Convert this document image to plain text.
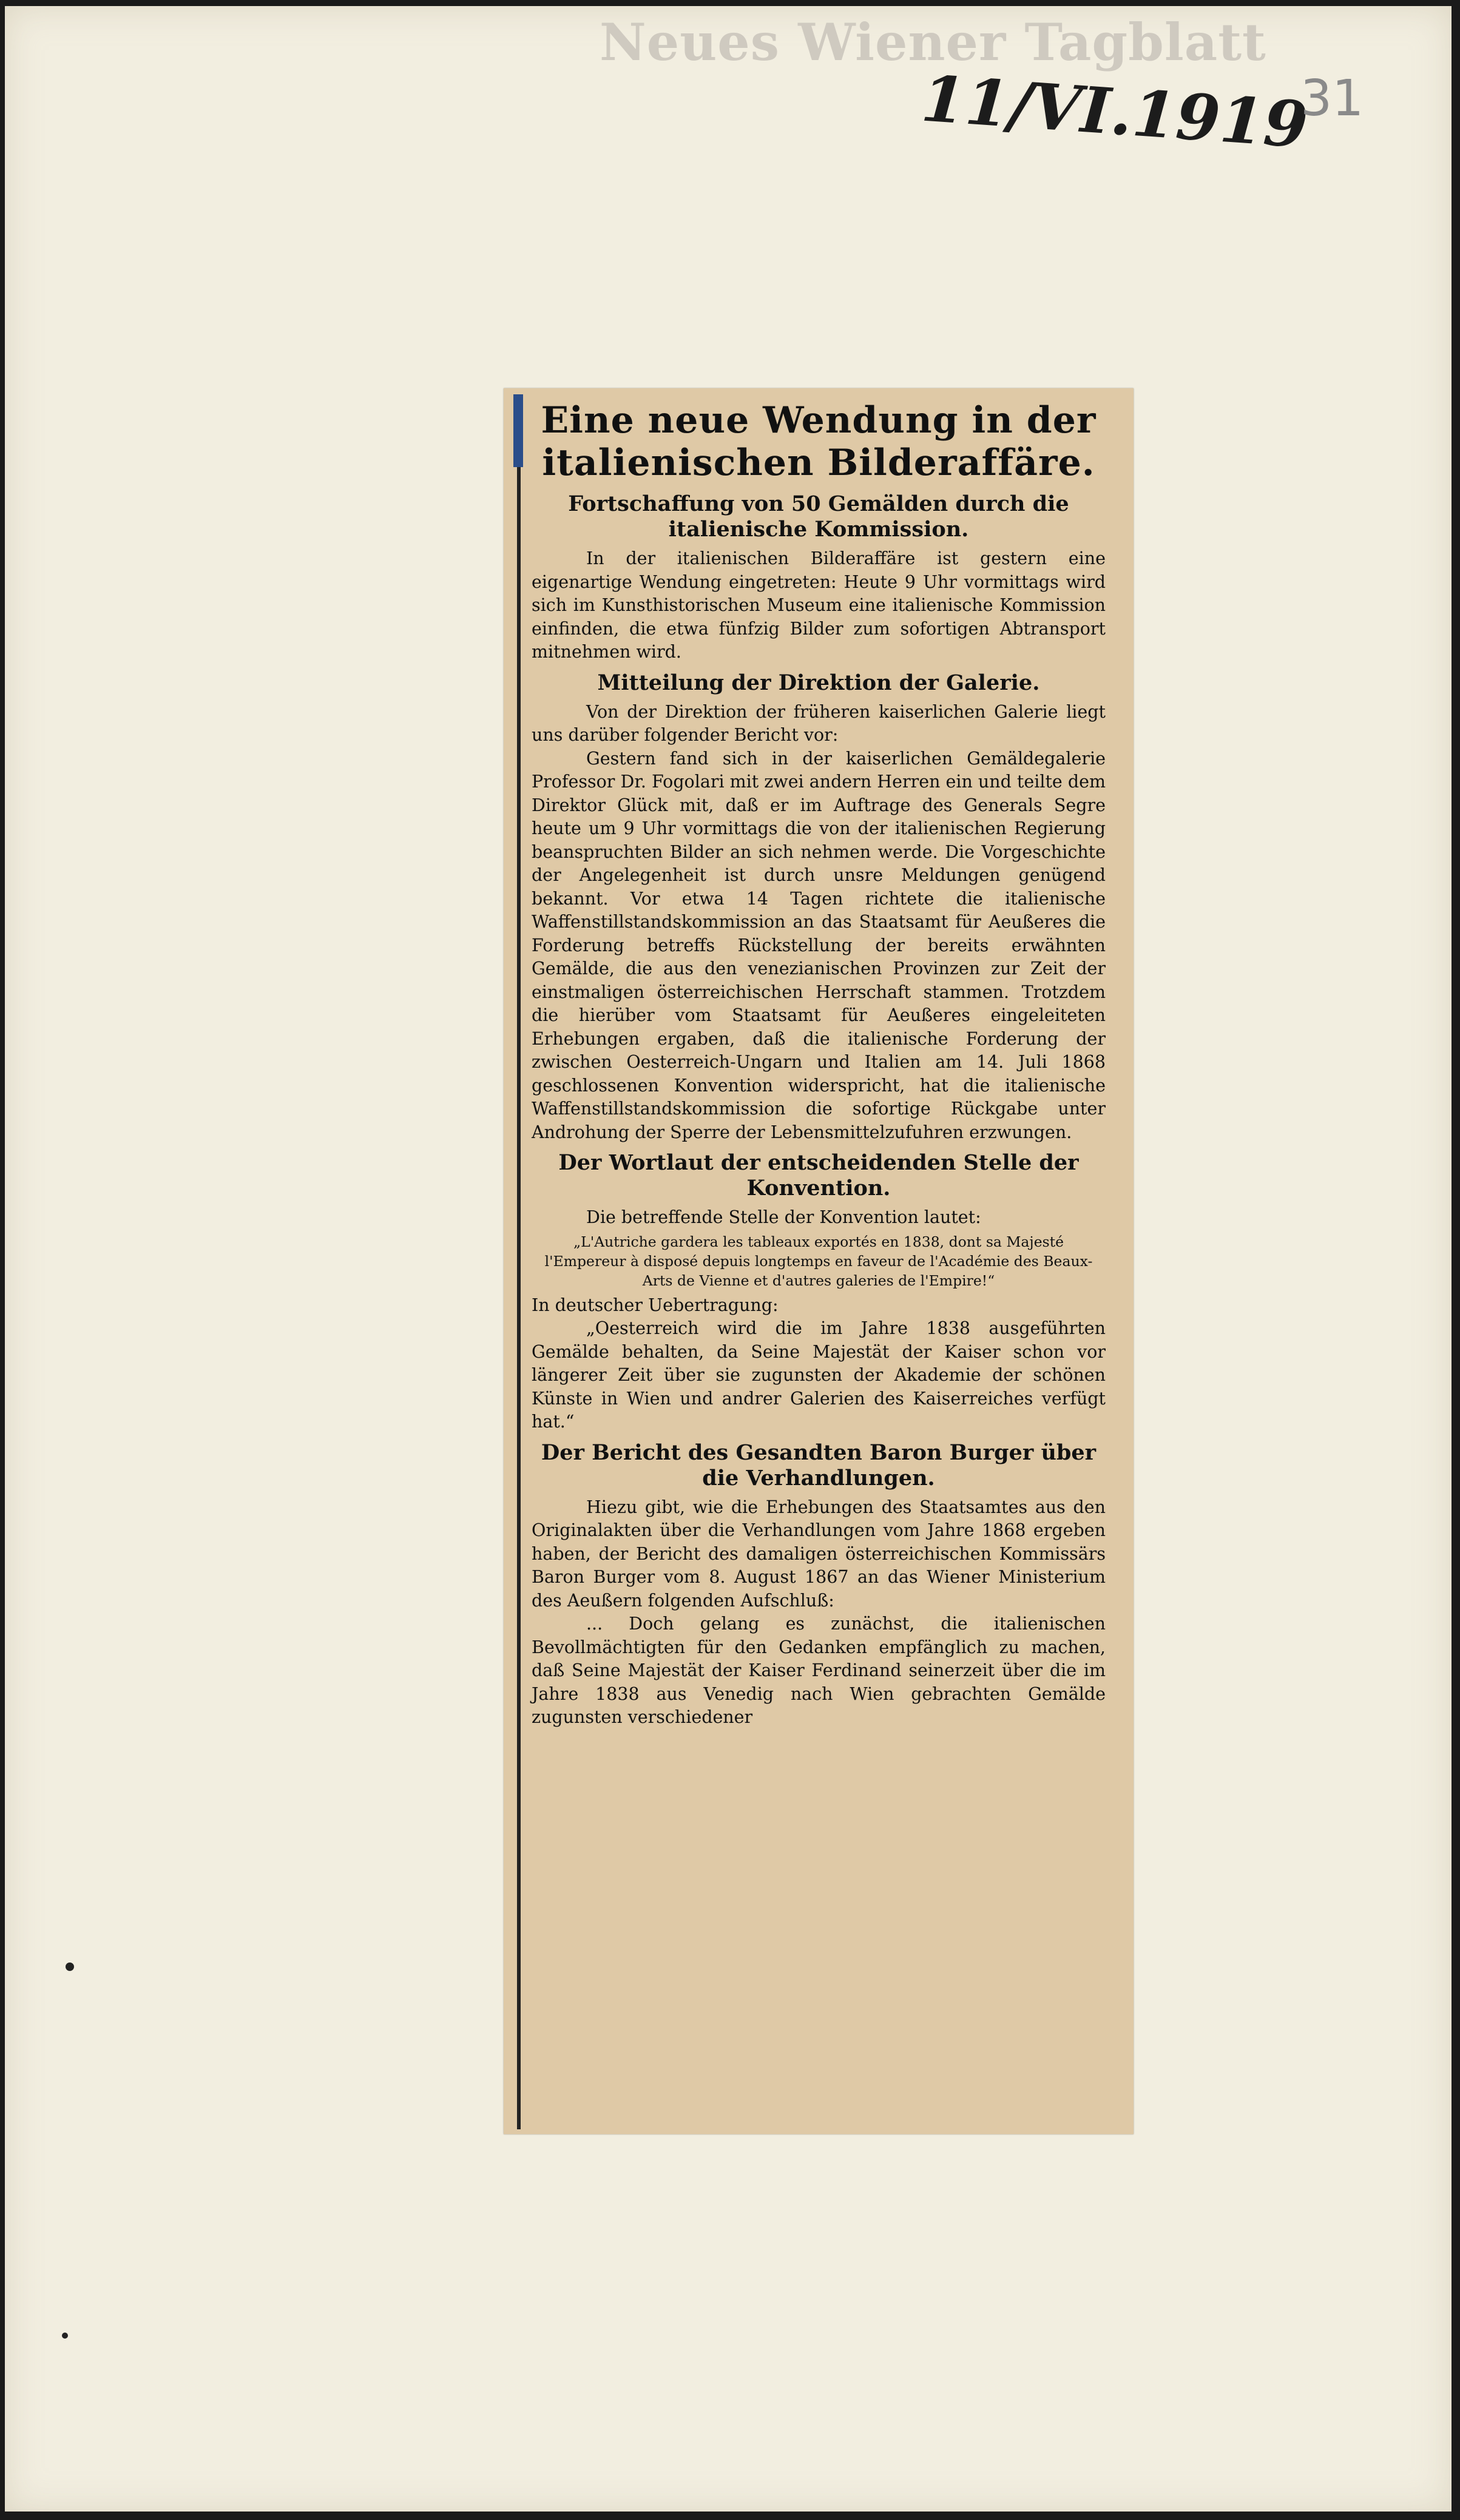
Neues Wiener Tagblatt
11/VI.1919
31
Eine neue Wendung in der italienischen Bilderaffäre.
Fortschaffung von 50 Gemälden durch die italienische Kommission.

In der italienischen Bilderaffäre ist gestern eine eigenartige Wendung eingetreten: Heute 9 Uhr vormittags wird sich im Kunsthistorischen Museum eine italienische Kommission einfinden, die etwa fünfzig Bilder zum sofortigen Abtransport mitnehmen wird.

Mitteilung der Direktion der Galerie.

Von der Direktion der früheren kaiserlichen Galerie liegt uns darüber folgender Bericht vor:

Gestern fand sich in der kaiserlichen Gemäldegalerie Professor Dr. Fogolari mit zwei andern Herren ein und teilte dem Direktor Glück mit, daß er im Auftrage des Generals Segre heute um 9 Uhr vormittags die von der italienischen Regierung beanspruchten Bilder an sich nehmen werde. Die Vorgeschichte der Angelegenheit ist durch unsre Meldungen genügend bekannt. Vor etwa 14 Tagen richtete die italienische Waffenstillstandskommission an das Staatsamt für Aeußeres die Forderung betreffs Rückstellung der bereits erwähnten Gemälde, die aus den venezianischen Provinzen zur Zeit der einstmaligen österreichischen Herrschaft stammen. Trotzdem die hierüber vom Staatsamt für Aeußeres eingeleiteten Erhebungen ergaben, daß die italienische Forderung der zwischen Oesterreich-Ungarn und Italien am 14. Juli 1868 geschlossenen Konvention widerspricht, hat die italienische Waffenstillstandskommission die sofortige Rückgabe unter Androhung der Sperre der Lebensmittelzufuhren erzwungen.

Der Wortlaut der entscheidenden Stelle der Konvention.

Die betreffende Stelle der Konvention lautet:

„L'Autriche gardera les tableaux exportés en 1838, dont sa Majesté l'Empereur à disposé depuis longtemps en faveur de l'Académie des Beaux-Arts de Vienne et d'autres galeries de l'Empire!“

In deutscher Uebertragung:

„Oesterreich wird die im Jahre 1838 ausgeführten Gemälde behalten, da Seine Majestät der Kaiser schon vor längerer Zeit über sie zugunsten der Akademie der schönen Künste in Wien und andrer Galerien des Kaiserreiches verfügt hat.“

Der Bericht des Gesandten Baron Burger über die Verhandlungen.

Hiezu gibt, wie die Erhebungen des Staatsamtes aus den Originalakten über die Verhandlungen vom Jahre 1868 ergeben haben, der Bericht des damaligen österreichischen Kommissärs Baron Burger vom 8. August 1867 an das Wiener Ministerium des Aeußern folgenden Aufschluß:

... Doch gelang es zunächst, die italienischen Bevollmächtigten für den Gedanken empfänglich zu machen, daß Seine Majestät der Kaiser Ferdinand seinerzeit über die im Jahre 1838 aus Venedig nach Wien gebrachten Gemälde zugunsten verschiedener
